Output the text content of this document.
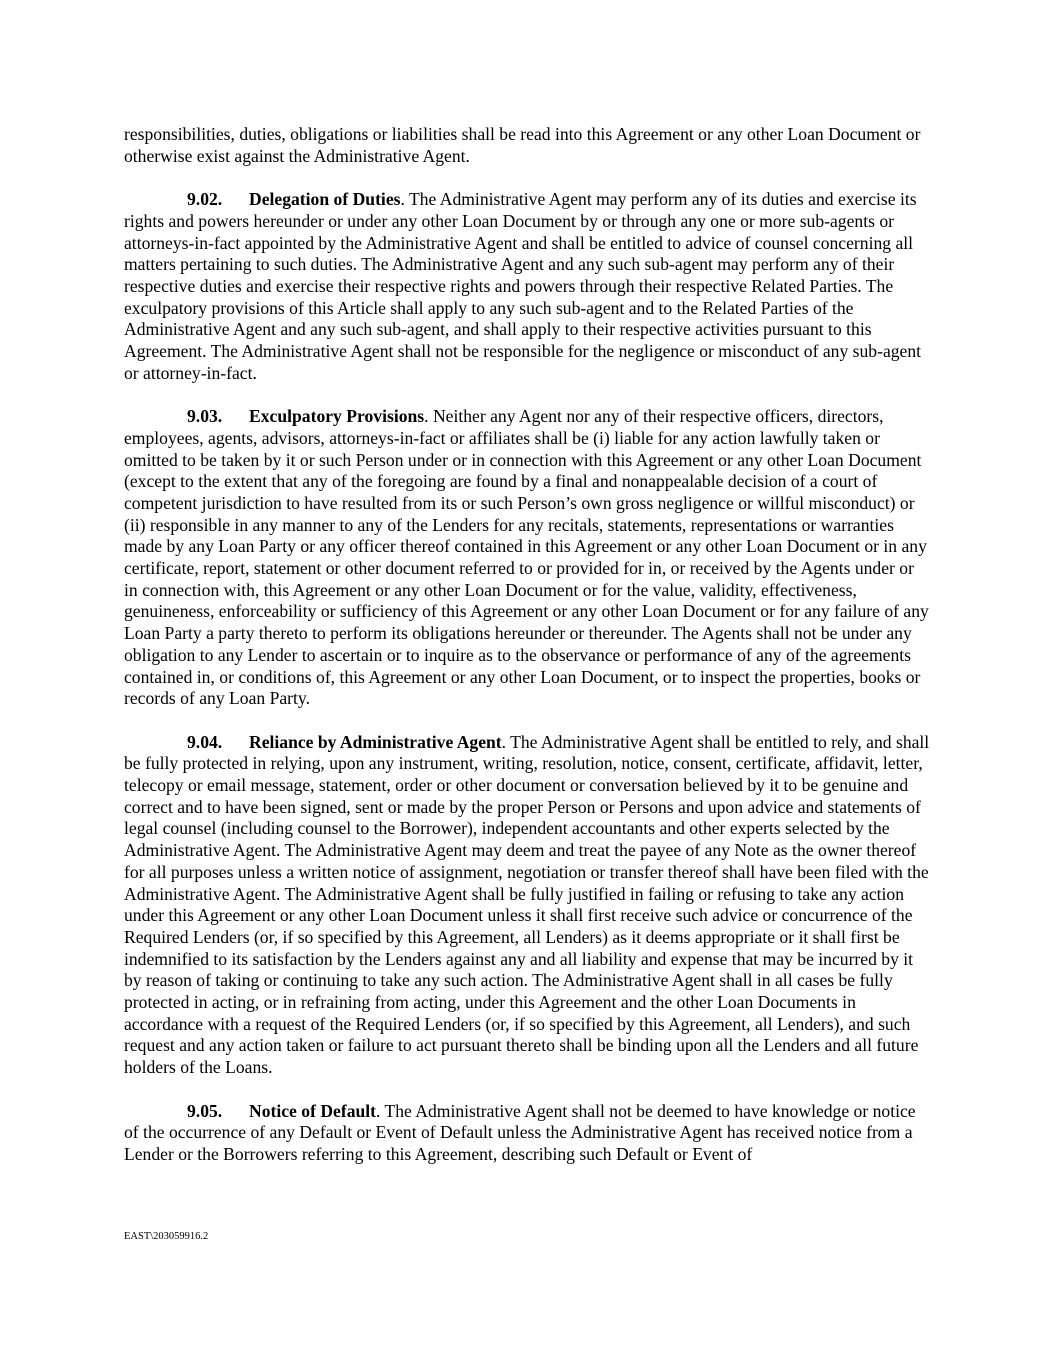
responsibilities, duties, obligations or liabilities shall be read into this Agreement or any other Loan Document or otherwise exist against the Administrative Agent.

9.02. Delegation of Duties. The Administrative Agent may perform any of its duties and exercise its rights and powers hereunder or under any other Loan Document by or through any one or more sub-agents or attorneys-in-fact appointed by the Administrative Agent and shall be entitled to advice of counsel concerning all matters pertaining to such duties. The Administrative Agent and any such sub-agent may perform any of their respective duties and exercise their respective rights and powers through their respective Related Parties. The exculpatory provisions of this Article shall apply to any such sub-agent and to the Related Parties of the Administrative Agent and any such sub-agent, and shall apply to their respective activities pursuant to this Agreement. The Administrative Agent shall not be responsible for the negligence or misconduct of any sub-agent or attorney-in-fact.

9.03. Exculpatory Provisions. Neither any Agent nor any of their respective officers, directors, employees, agents, advisors, attorneys-in-fact or affiliates shall be (i) liable for any action lawfully taken or omitted to be taken by it or such Person under or in connection with this Agreement or any other Loan Document (except to the extent that any of the foregoing are found by a final and nonappealable decision of a court of competent jurisdiction to have resulted from its or such Person’s own gross negligence or willful misconduct) or (ii) responsible in any manner to any of the Lenders for any recitals, statements, representations or warranties made by any Loan Party or any officer thereof contained in this Agreement or any other Loan Document or in any certificate, report, statement or other document referred to or provided for in, or received by the Agents under or in connection with, this Agreement or any other Loan Document or for the value, validity, effectiveness, genuineness, enforceability or sufficiency of this Agreement or any other Loan Document or for any failure of any Loan Party a party thereto to perform its obligations hereunder or thereunder. The Agents shall not be under any obligation to any Lender to ascertain or to inquire as to the observance or performance of any of the agreements contained in, or conditions of, this Agreement or any other Loan Document, or to inspect the properties, books or records of any Loan Party.

9.04. Reliance by Administrative Agent. The Administrative Agent shall be entitled to rely, and shall be fully protected in relying, upon any instrument, writing, resolution, notice, consent, certificate, affidavit, letter, telecopy or email message, statement, order or other document or conversation believed by it to be genuine and correct and to have been signed, sent or made by the proper Person or Persons and upon advice and statements of legal counsel (including counsel to the Borrower), independent accountants and other experts selected by the Administrative Agent. The Administrative Agent may deem and treat the payee of any Note as the owner thereof for all purposes unless a written notice of assignment, negotiation or transfer thereof shall have been filed with the Administrative Agent. The Administrative Agent shall be fully justified in failing or refusing to take any action under this Agreement or any other Loan Document unless it shall first receive such advice or concurrence of the Required Lenders (or, if so specified by this Agreement, all Lenders) as it deems appropriate or it shall first be indemnified to its satisfaction by the Lenders against any and all liability and expense that may be incurred by it by reason of taking or continuing to take any such action. The Administrative Agent shall in all cases be fully protected in acting, or in refraining from acting, under this Agreement and the other Loan Documents in accordance with a request of the Required Lenders (or, if so specified by this Agreement, all Lenders), and such request and any action taken or failure to act pursuant thereto shall be binding upon all the Lenders and all future holders of the Loans.

9.05. Notice of Default. The Administrative Agent shall not be deemed to have knowledge or notice of the occurrence of any Default or Event of Default unless the Administrative Agent has received notice from a Lender or the Borrowers referring to this Agreement, describing such Default or Event of

EAST\203059916.2
